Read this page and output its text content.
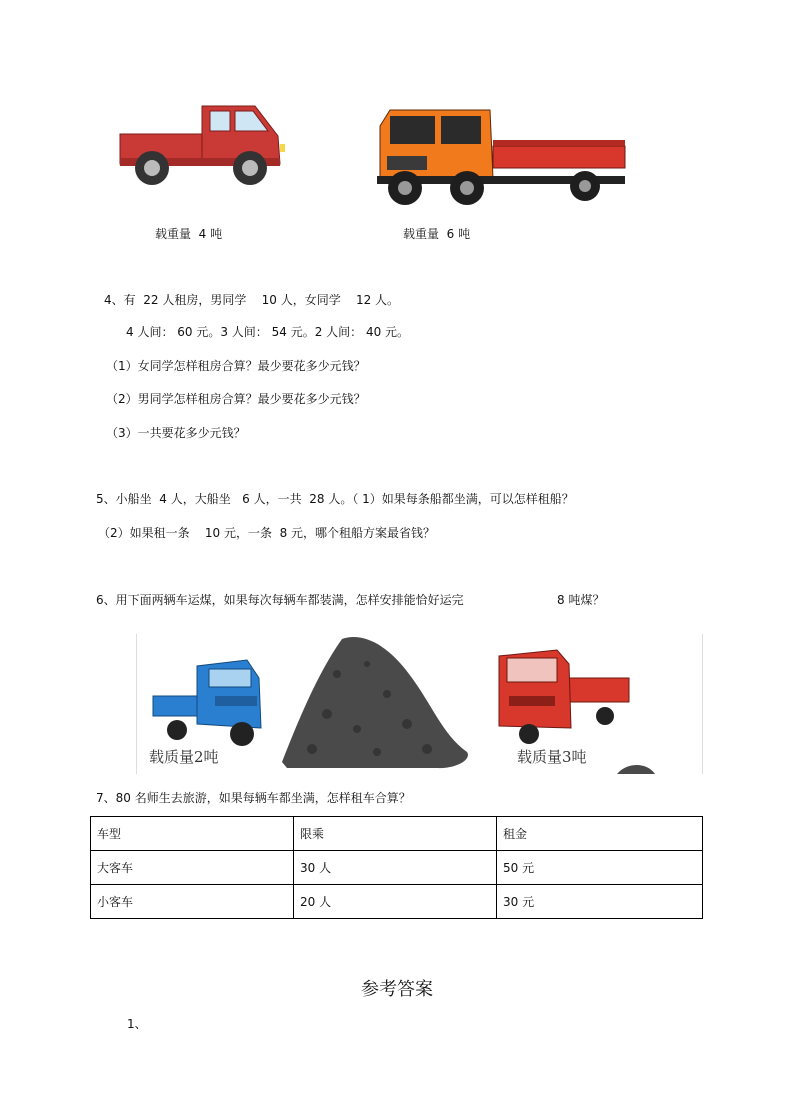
载重量  4 吨	载重量  6 吨
4、有  22 人租房，男同学    10 人，女同学    12 人。
4 人间： 60 元。3 人间： 54 元。2 人间： 40 元。
（1）女同学怎样租房合算？最少要花多少元钱？
（2）男同学怎样租房合算？最少要花多少元钱？
（3）一共要花多少元钱？
5、小船坐  4 人，大船坐   6 人，一共  28 人。（ 1）如果每条船都坐满，可以怎样租船？
（2）如果租一条    10 元，一条  8 元，哪个租船方案最省钱？
6、用下面两辆车运煤，如果每次每辆车都装满，怎样安排能恰好运完	8 吨煤？
载质量2吨	载质量3吨
7、80 名师生去旅游，如果每辆车都坐满，怎样租车合算？
车型	限乘	租金
大客车	30 人	50 元
小客车	20 人	30 元
参考答案
1、
